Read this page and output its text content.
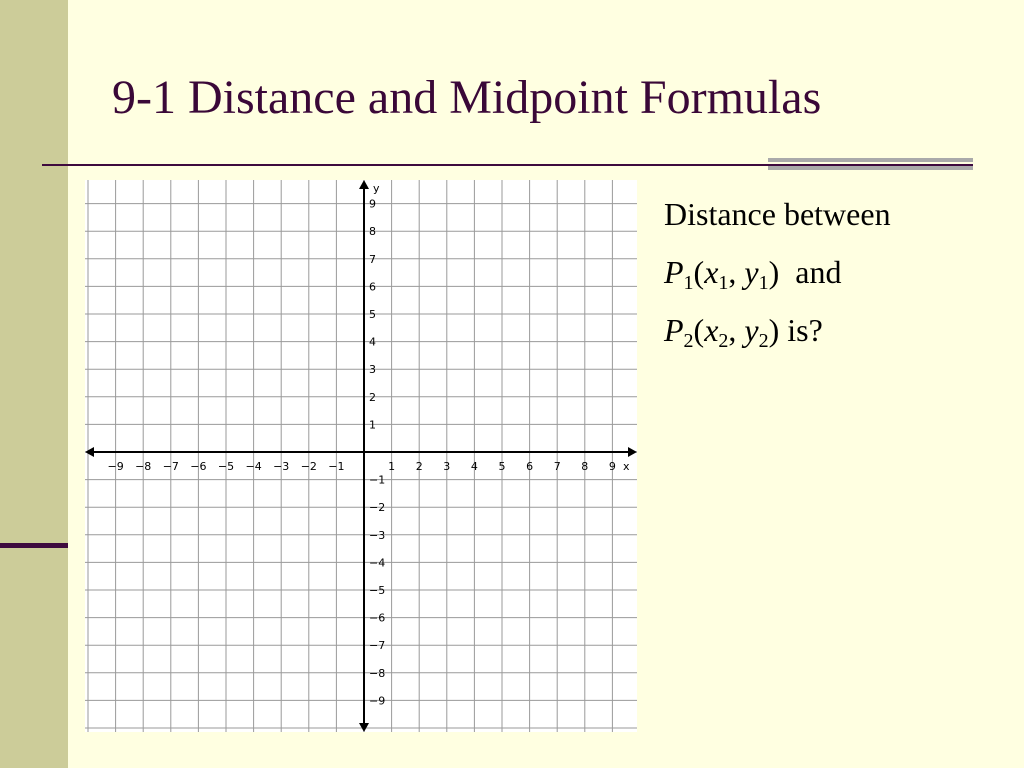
9-1 Distance and Midpoint Formulas
−9 −8 −7 −6 −5 −4 −3 −2 −1	1 2 3 4 5 6 7 8 9
−9
−8
−7
−6
−5
−4
−3
−2
−1
1
2
3
4
5
6
7
8
9
x
y
Distance between
$P_1(x_1$, $y_1$) and
$P_2(x_2$, $y_2$) is?
